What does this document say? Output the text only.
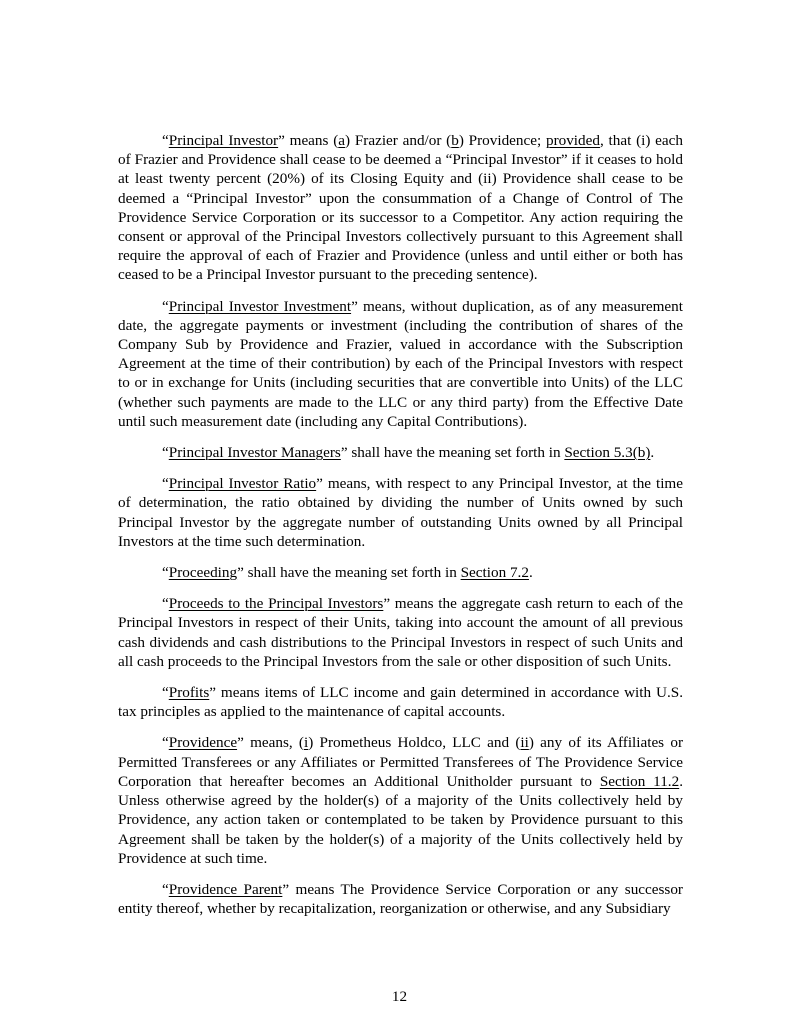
“Principal Investor” means (a) Frazier and/or (b) Providence; provided, that (i) each of Frazier and Providence shall cease to be deemed a “Principal Investor” if it ceases to hold at least twenty percent (20%) of its Closing Equity and (ii) Providence shall cease to be deemed a “Principal Investor” upon the consummation of a Change of Control of The Providence Service Corporation or its successor to a Competitor. Any action requiring the consent or approval of the Principal Investors collectively pursuant to this Agreement shall require the approval of each of Frazier and Providence (unless and until either or both has ceased to be a Principal Investor pursuant to the preceding sentence).

“Principal Investor Investment” means, without duplication, as of any measurement date, the aggregate payments or investment (including the contribution of shares of the Company Sub by Providence and Frazier, valued in accordance with the Subscription Agreement at the time of their contribution) by each of the Principal Investors with respect to or in exchange for Units (including securities that are convertible into Units) of the LLC (whether such payments are made to the LLC or any third party) from the Effective Date until such measurement date (including any Capital Contributions).

“Principal Investor Managers” shall have the meaning set forth in Section 5.3(b).

“Principal Investor Ratio” means, with respect to any Principal Investor, at the time of determination, the ratio obtained by dividing the number of Units owned by such Principal Investor by the aggregate number of outstanding Units owned by all Principal Investors at the time such determination.

“Proceeding” shall have the meaning set forth in Section 7.2.

“Proceeds to the Principal Investors” means the aggregate cash return to each of the Principal Investors in respect of their Units, taking into account the amount of all previous cash dividends and cash distributions to the Principal Investors in respect of such Units and all cash proceeds to the Principal Investors from the sale or other disposition of such Units.

“Profits” means items of LLC income and gain determined in accordance with U.S. tax principles as applied to the maintenance of capital accounts.

“Providence” means, (i) Prometheus Holdco, LLC and (ii) any of its Affiliates or Permitted Transferees or any Affiliates or Permitted Transferees of The Providence Service Corporation that hereafter becomes an Additional Unitholder pursuant to Section 11.2. Unless otherwise agreed by the holder(s) of a majority of the Units collectively held by Providence, any action taken or contemplated to be taken by Providence pursuant to this Agreement shall be taken by the holder(s) of a majority of the Units collectively held by Providence at such time.

“Providence Parent” means The Providence Service Corporation or any successor entity thereof, whether by recapitalization, reorganization or otherwise, and any Subsidiary

12
